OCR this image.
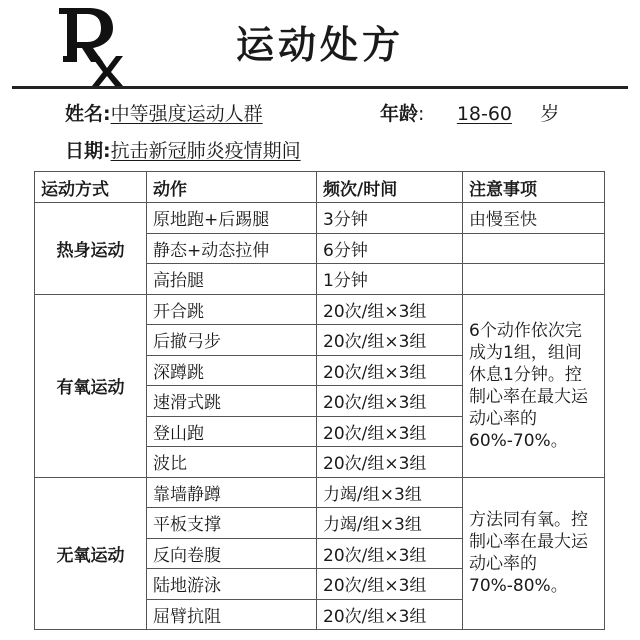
运动处方
姓名: 中等强度运动人群	年龄 :	18-60	岁
日期: 抗击新冠肺炎疫情期间
运动方式	动作	频次/时间	注意事项
热身运动	原地跑+后踢腿	3分钟	由慢至快
	静态+动态拉伸	6分钟	
	高抬腿	1分钟	
有氧运动	开合跳	20次/组×3组	6个动作依次完成为1组，组间休息1分钟。控制心率在最大运动心率的60%-70%。
	后撤弓步	20次/组×3组	
	深蹲跳	20次/组×3组	
	速滑式跳	20次/组×3组	
	登山跑	20次/组×3组	
	波比	20次/组×3组	
无氧运动	靠墙静蹲	力竭/组×3组	方法同有氧。控制心率在最大运动心率的70%-80%。
	平板支撑	力竭/组×3组	
	反向卷腹	20次/组×3组	
	陆地游泳	20次/组×3组	
	屈臂抗阻	20次/组×3组	
